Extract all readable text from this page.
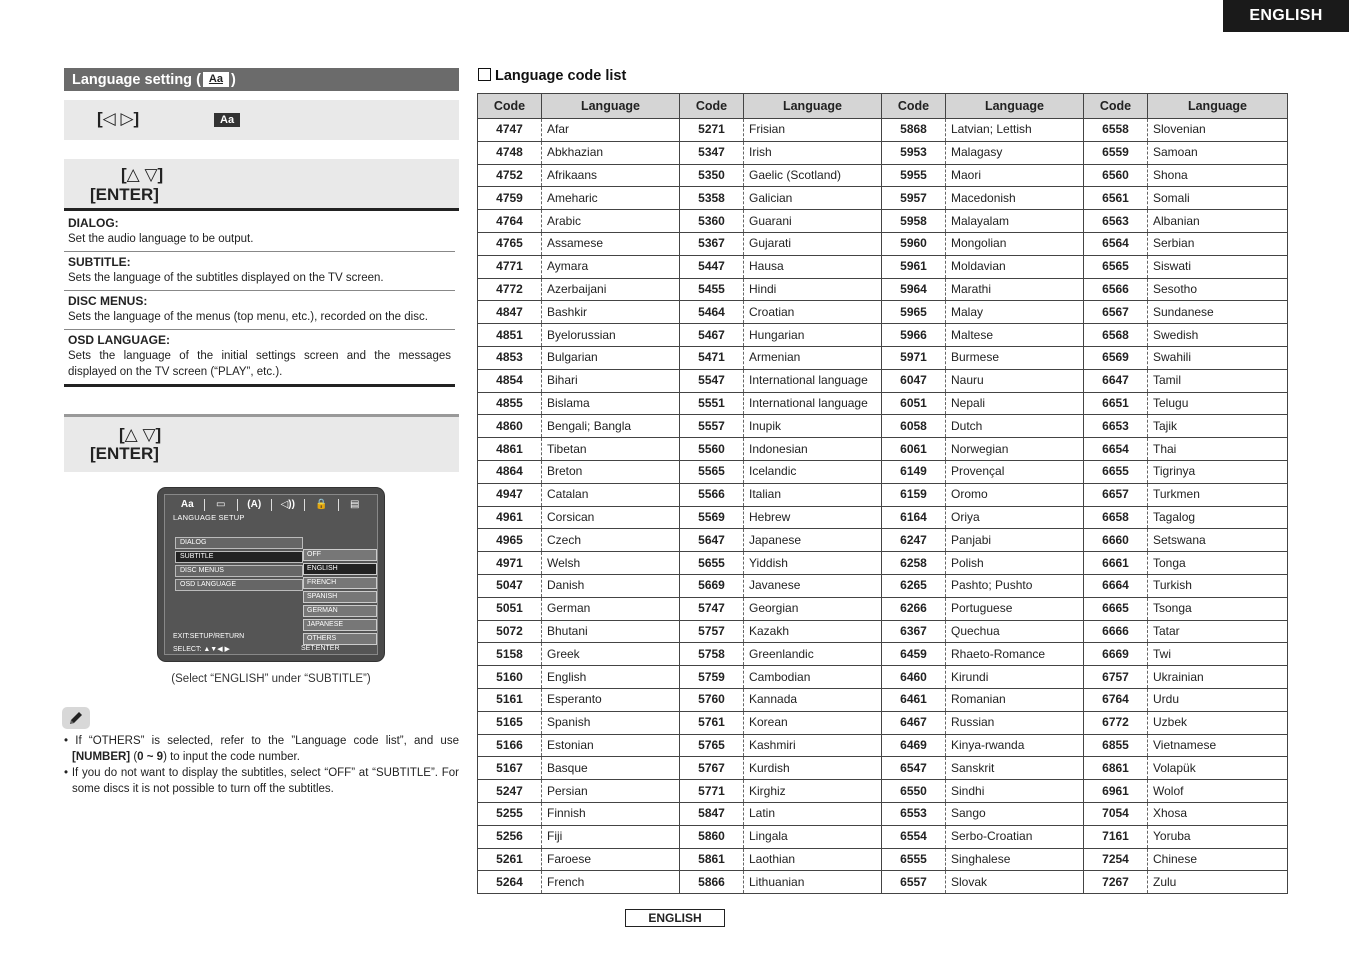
ENGLISH
Language setting ( Aa )
[◁ ▷]	Aa
[△ ▽]
[ENTER]
DIALOG:
Set the audio language to be output.
SUBTITLE:
Sets the language of the subtitles displayed on the TV screen.
DISC MENUS:
Sets the language of the menus (top menu, etc.), recorded on the disc.
OSD LANGUAGE:
Sets the language of the initial settings screen and the messages displayed on the TV screen (“PLAY”, etc.).
[△ ▽]
[ENTER]
Aa	▭	(A)	◁))	🔒	▤
LANGUAGE SETUP
DIALOG
SUBTITLE
DISC MENUS
OSD LANGUAGE
OFF
ENGLISH
FRENCH
SPANISH
GERMAN
JAPANESE
OTHERS
EXIT:SETUP/RETURN
SELECT: ▲▼◀ ▶	SET:ENTER
(Select “ENGLISH” under “SUBTITLE”)
• If “OTHERS” is selected, refer to the ”Language code list”, and use [NUMBER] (0 ~ 9) to input the code number.
• If you do not want to display the subtitles, select “OFF” at “SUBTITLE”. For some discs it is not possible to turn off the subtitles.
Language code list
Code	Language	Code	Language	Code	Language	Code	Language
4747	Afar	5271	Frisian	5868	Latvian; Lettish	6558	Slovenian
4748	Abkhazian	5347	Irish	5953	Malagasy	6559	Samoan
4752	Afrikaans	5350	Gaelic (Scotland)	5955	Maori	6560	Shona
4759	Ameharic	5358	Galician	5957	Macedonish	6561	Somali
4764	Arabic	5360	Guarani	5958	Malayalam	6563	Albanian
4765	Assamese	5367	Gujarati	5960	Mongolian	6564	Serbian
4771	Aymara	5447	Hausa	5961	Moldavian	6565	Siswati
4772	Azerbaijani	5455	Hindi	5964	Marathi	6566	Sesotho
4847	Bashkir	5464	Croatian	5965	Malay	6567	Sundanese
4851	Byelorussian	5467	Hungarian	5966	Maltese	6568	Swedish
4853	Bulgarian	5471	Armenian	5971	Burmese	6569	Swahili
4854	Bihari	5547	International language	6047	Nauru	6647	Tamil
4855	Bislama	5551	International language	6051	Nepali	6651	Telugu
4860	Bengali; Bangla	5557	Inupik	6058	Dutch	6653	Tajik
4861	Tibetan	5560	Indonesian	6061	Norwegian	6654	Thai
4864	Breton	5565	Icelandic	6149	Provençal	6655	Tigrinya
4947	Catalan	5566	Italian	6159	Oromo	6657	Turkmen
4961	Corsican	5569	Hebrew	6164	Oriya	6658	Tagalog
4965	Czech	5647	Japanese	6247	Panjabi	6660	Setswana
4971	Welsh	5655	Yiddish	6258	Polish	6661	Tonga
5047	Danish	5669	Javanese	6265	Pashto; Pushto	6664	Turkish
5051	German	5747	Georgian	6266	Portuguese	6665	Tsonga
5072	Bhutani	5757	Kazakh	6367	Quechua	6666	Tatar
5158	Greek	5758	Greenlandic	6459	Rhaeto-Romance	6669	Twi
5160	English	5759	Cambodian	6460	Kirundi	6757	Ukrainian
5161	Esperanto	5760	Kannada	6461	Romanian	6764	Urdu
5165	Spanish	5761	Korean	6467	Russian	6772	Uzbek
5166	Estonian	5765	Kashmiri	6469	Kinya-rwanda	6855	Vietnamese
5167	Basque	5767	Kurdish	6547	Sanskrit	6861	Volapük
5247	Persian	5771	Kirghiz	6550	Sindhi	6961	Wolof
5255	Finnish	5847	Latin	6553	Sango	7054	Xhosa
5256	Fiji	5860	Lingala	6554	Serbo-Croatian	7161	Yoruba
5261	Faroese	5861	Laothian	6555	Singhalese	7254	Chinese
5264	French	5866	Lithuanian	6557	Slovak	7267	Zulu
ENGLISH
